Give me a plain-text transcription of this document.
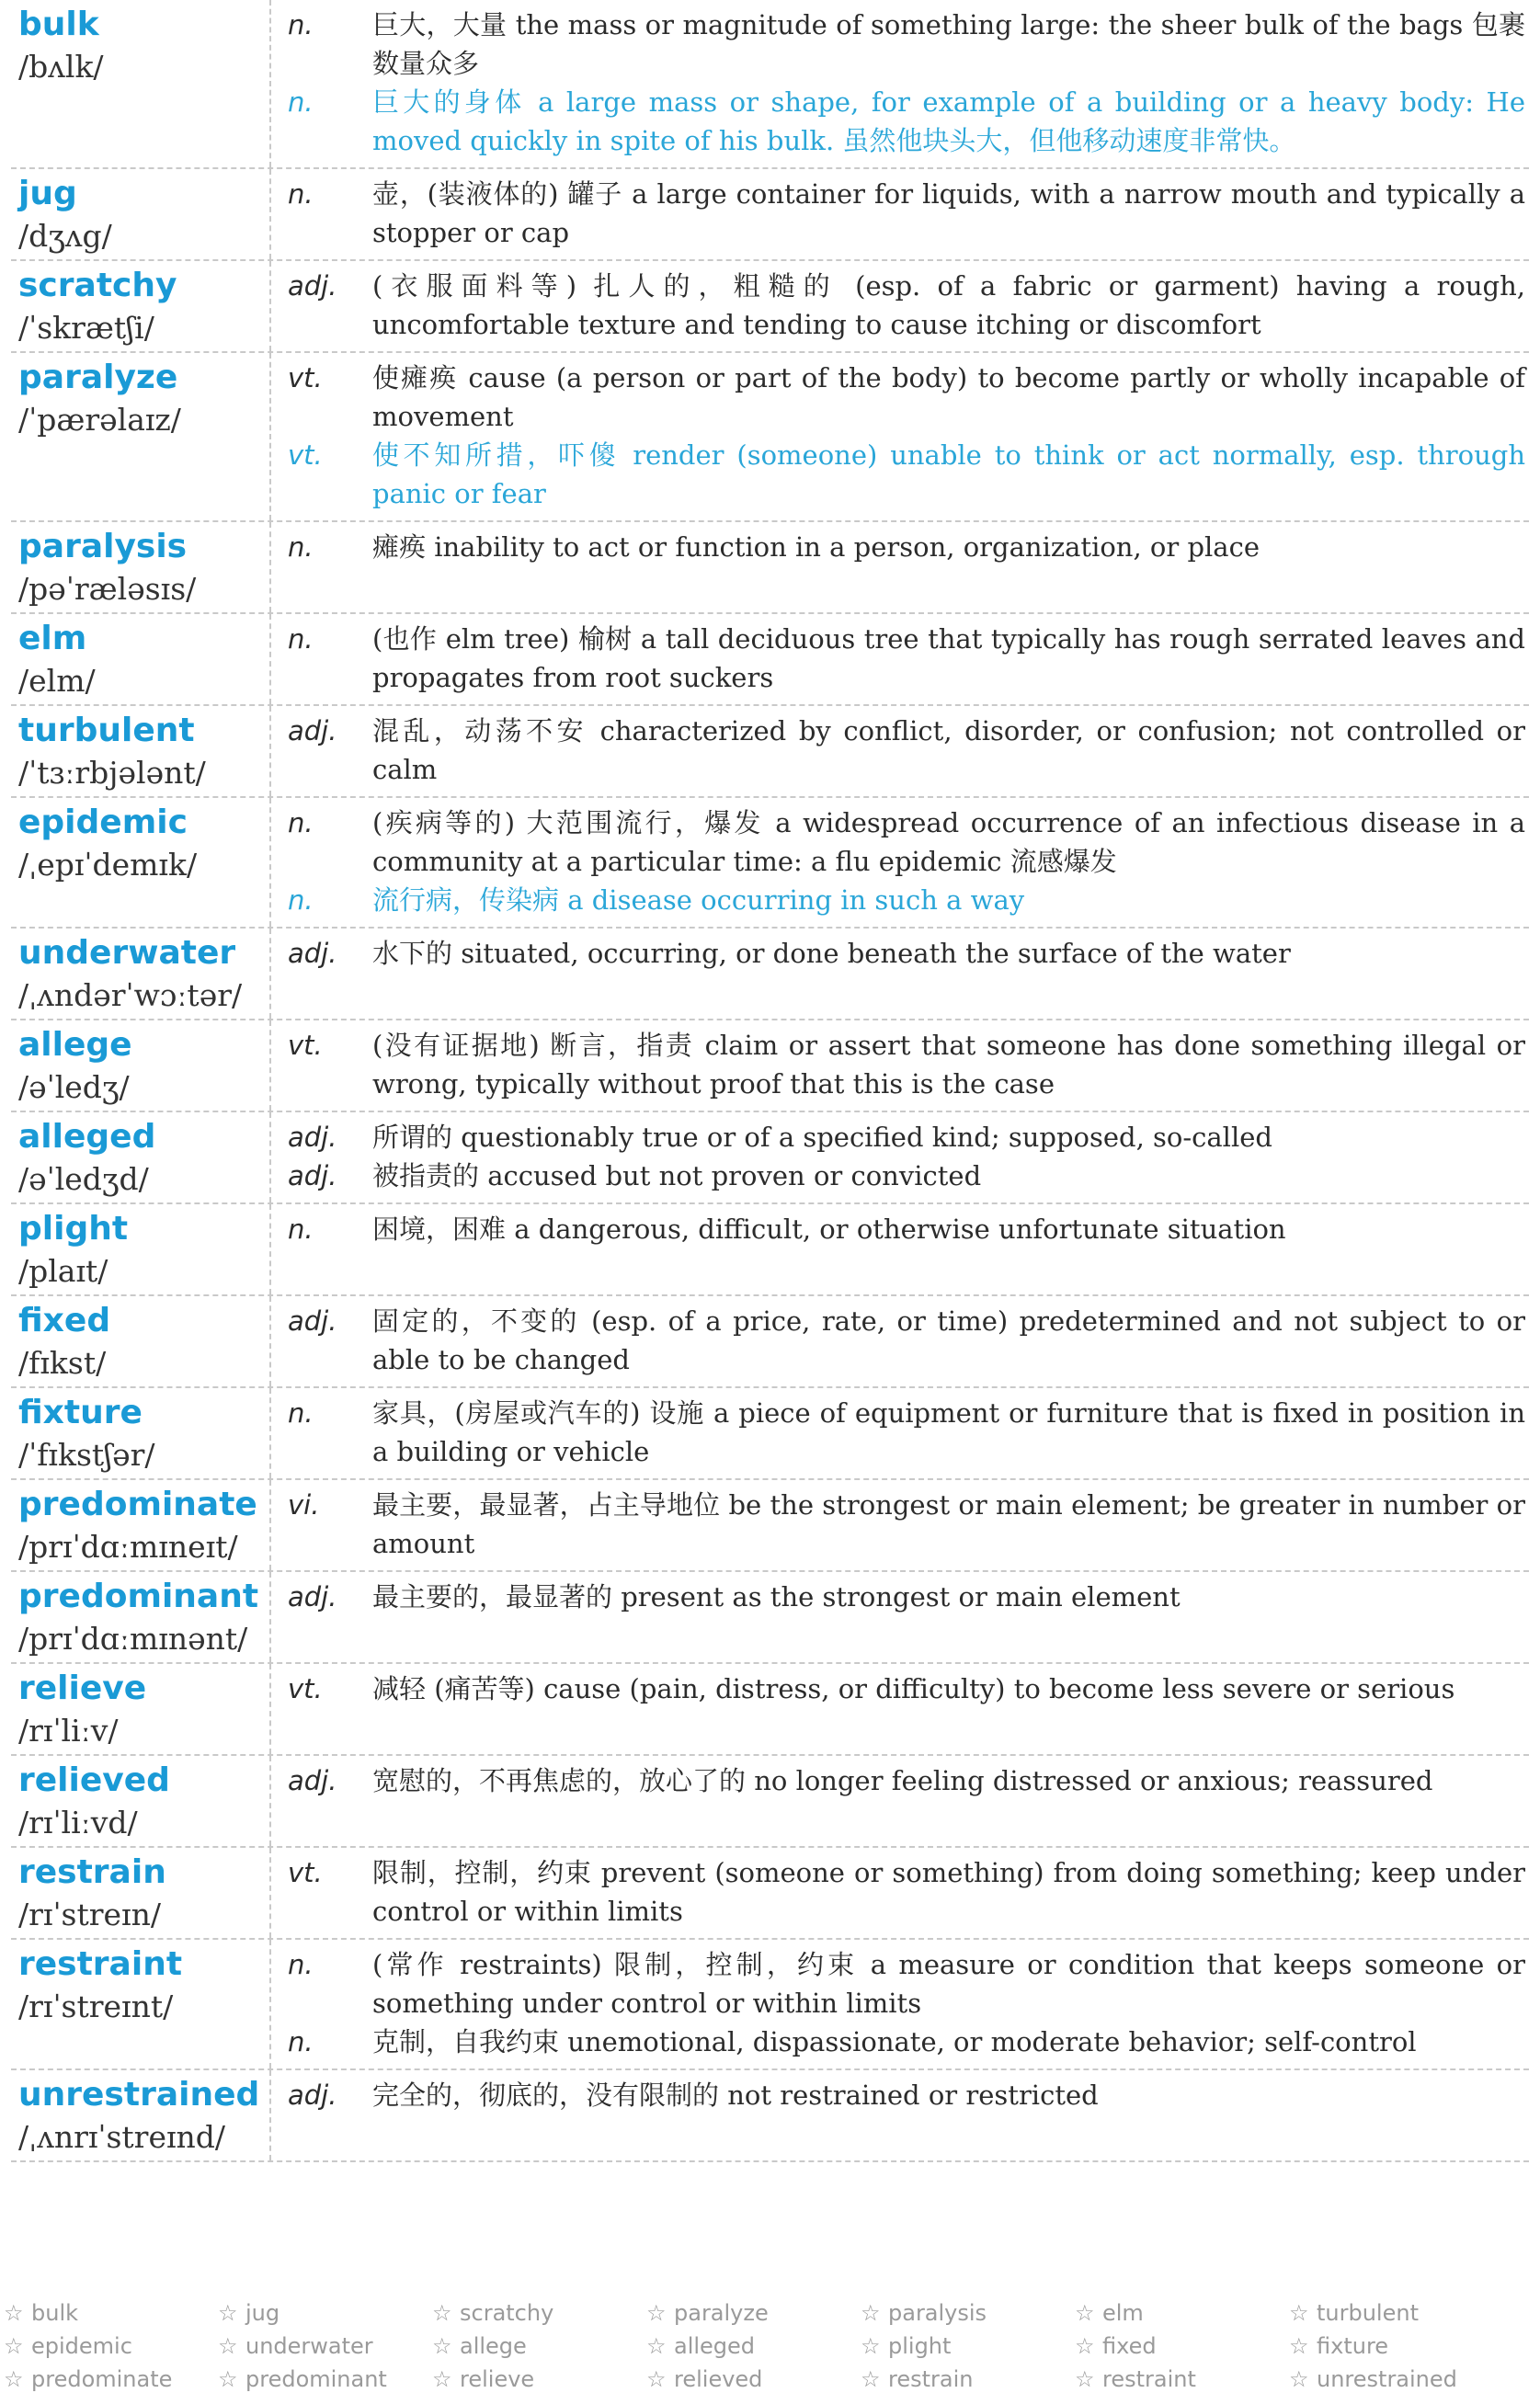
bulk
/bʌlk/
n.	巨大，大量 the mass or magnitude of something large: the sheer bulk of the bags 包裹数量众多
n.	巨大的身体 a large mass or shape, for example of a building or a heavy body: He moved quickly in spite of his bulk. 虽然他块头大，但他移动速度非常快。
jug
/dʒʌg/
n.	壶，(装液体的) 罐子 a large container for liquids, with a narrow mouth and typically a stopper or cap
scratchy
/ˈskrætʃi/
adj.	(衣服面料等) 扎人的，粗糙的 (esp. of a fabric or garment) having a rough, uncomfortable texture and tending to cause itching or discomfort
paralyze
/ˈpærəlaɪz/
vt.	使瘫痪 cause (a person or part of the body) to become partly or wholly incapable of movement
vt.	使不知所措，吓傻 render (someone) unable to think or act normally, esp. through panic or fear
paralysis
/pəˈræləsɪs/
n.	瘫痪 inability to act or function in a person, organization, or place
elm
/elm/
n.	(也作 elm tree) 榆树 a tall deciduous tree that typically has rough serrated leaves and propagates from root suckers
turbulent
/ˈtɜːrbjələnt/
adj.	混乱，动荡不安 characterized by conflict, disorder, or confusion; not controlled or calm
epidemic
/ˌepɪˈdemɪk/
n.	(疾病等的) 大范围流行，爆发 a widespread occurrence of an infectious disease in a community at a particular time: a flu epidemic 流感爆发
n.	流行病，传染病 a disease occurring in such a way
underwater
/ˌʌndərˈwɔːtər/
adj.	水下的 situated, occurring, or done beneath the surface of the water
allege
/əˈledʒ/
vt.	(没有证据地) 断言，指责 claim or assert that someone has done something illegal or wrong, typically without proof that this is the case
alleged
/əˈledʒd/
adj.	所谓的 questionably true or of a specified kind; supposed, so-called
adj.	被指责的 accused but not proven or convicted
plight
/plaɪt/
n.	困境，困难 a dangerous, difficult, or otherwise unfortunate situation
fixed
/fɪkst/
adj.	固定的，不变的 (esp. of a price, rate, or time) predetermined and not subject to or able to be changed
fixture
/ˈfɪkstʃər/
n.	家具，(房屋或汽车的) 设施 a piece of equipment or furniture that is fixed in position in a building or vehicle
predominate
/prɪˈdɑːmɪneɪt/
vi.	最主要，最显著，占主导地位 be the strongest or main element; be greater in number or amount
predominant
/prɪˈdɑːmɪnənt/
adj.	最主要的，最显著的 present as the strongest or main element
relieve
/rɪˈliːv/
vt.	减轻 (痛苦等) cause (pain, distress, or difficulty) to become less severe or serious
relieved
/rɪˈliːvd/
adj.	宽慰的，不再焦虑的，放心了的 no longer feeling distressed or anxious; reassured
restrain
/rɪˈstreɪn/
vt.	限制，控制，约束 prevent (someone or something) from doing something; keep under control or within limits
restraint
/rɪˈstreɪnt/
n.	(常作 restraints) 限制，控制，约束 a measure or condition that keeps someone or something under control or within limits
n.	克制，自我约束 unemotional, dispassionate, or moderate behavior; self-control
unrestrained
/ˌʌnrɪˈstreɪnd/
adj.	完全的，彻底的，没有限制的 not restrained or restricted
☆ bulk	☆ jug	☆ scratchy	☆ paralyze	☆ paralysis	☆ elm	☆ turbulent
☆ epidemic	☆ underwater	☆ allege	☆ alleged	☆ plight	☆ fixed	☆ fixture
☆ predominate	☆ predominant	☆ relieve	☆ relieved	☆ restrain	☆ restraint	☆ unrestrained
